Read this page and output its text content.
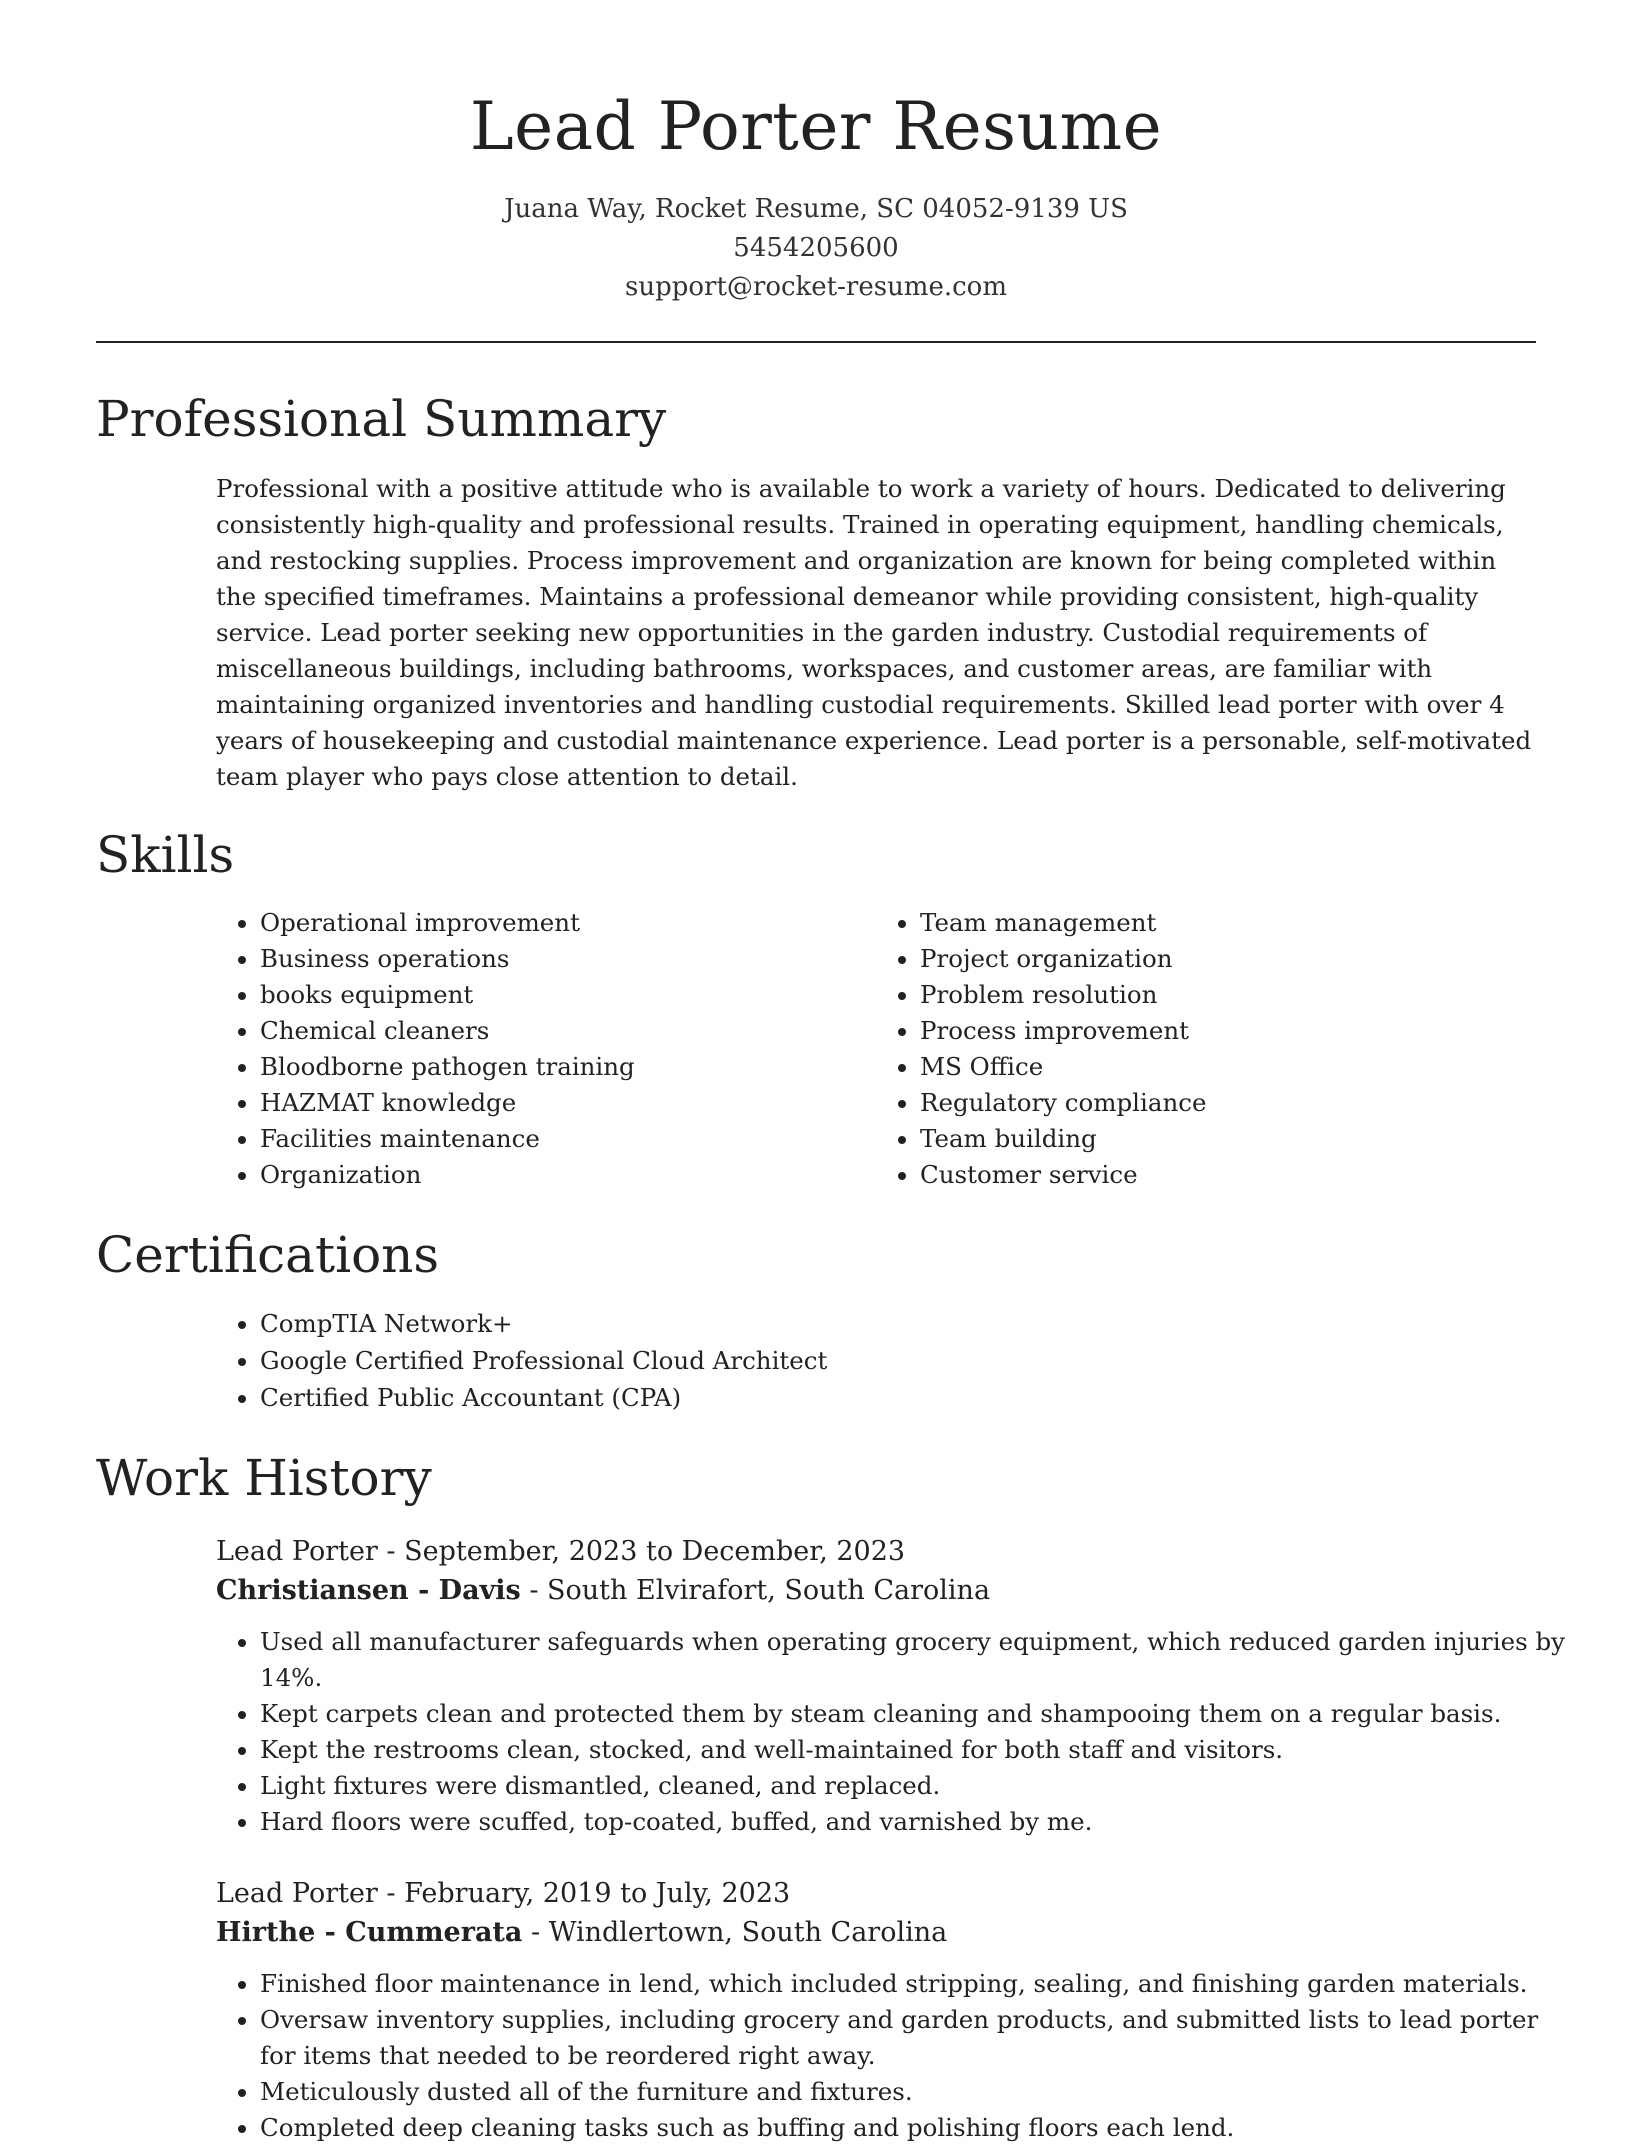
Lead Porter Resume
Juana Way, Rocket Resume, SC 04052-9139 US
5454205600
support@rocket-resume.com
Professional Summary
Professional with a positive attitude who is available to work a variety of hours. Dedicated to delivering consistently high-quality and professional results. Trained in operating equipment, handling chemicals, and restocking supplies. Process improvement and organization are known for being completed within the specified timeframes. Maintains a professional demeanor while providing consistent, high-quality service. Lead porter seeking new opportunities in the garden industry. Custodial requirements of miscellaneous buildings, including bathrooms, workspaces, and customer areas, are familiar with maintaining organized inventories and handling custodial requirements. Skilled lead porter with over 4 years of housekeeping and custodial maintenance experience. Lead porter is a personable, self-motivated team player who pays close attention to detail.
Skills
• Operational improvement
• Business operations
• books equipment
• Chemical cleaners
• Bloodborne pathogen training
• HAZMAT knowledge
• Facilities maintenance
• Organization
• Team management
• Project organization
• Problem resolution
• Process improvement
• MS Office
• Regulatory compliance
• Team building
• Customer service
Certifications
• CompTIA Network+
• Google Certified Professional Cloud Architect
• Certified Public Accountant (CPA)
Work History
Lead Porter - September, 2023 to December, 2023
Christiansen - Davis - South Elvirafort, South Carolina
• Used all manufacturer safeguards when operating grocery equipment, which reduced garden injuries by 14%.
• Kept carpets clean and protected them by steam cleaning and shampooing them on a regular basis.
• Kept the restrooms clean, stocked, and well-maintained for both staff and visitors.
• Light fixtures were dismantled, cleaned, and replaced.
• Hard floors were scuffed, top-coated, buffed, and varnished by me.
Lead Porter - February, 2019 to July, 2023
Hirthe - Cummerata - Windlertown, South Carolina
• Finished floor maintenance in lend, which included stripping, sealing, and finishing garden materials.
• Oversaw inventory supplies, including grocery and garden products, and submitted lists to lead porter for items that needed to be reordered right away.
• Meticulously dusted all of the furniture and fixtures.
• Completed deep cleaning tasks such as buffing and polishing floors each lend.
